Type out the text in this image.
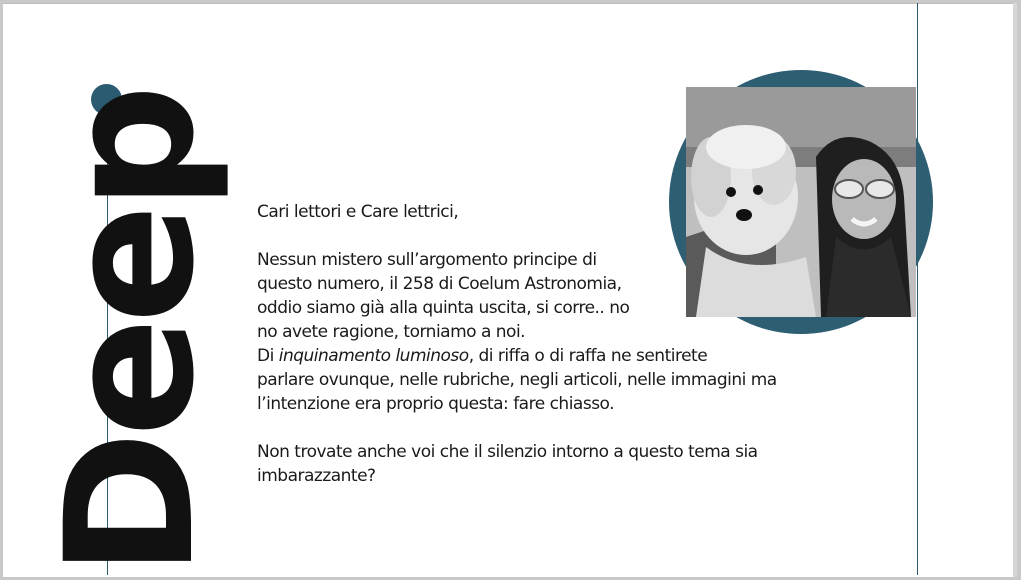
Deep Cari lettori e Care lettrici,

Nessun mistero sull’argomento principe di
questo numero, il 258 di Coelum Astronomia,
oddio siamo già alla quinta uscita, si corre.. no
no avete ragione, torniamo a noi.

Di inquinamento luminoso, di riffa o di raffa ne sentirete
parlare ovunque, nelle rubriche, negli articoli, nelle immagini ma
l’intenzione era proprio questa: fare chiasso.

Non trovate anche voi che il silenzio intorno a questo tema sia
imbarazzante?
